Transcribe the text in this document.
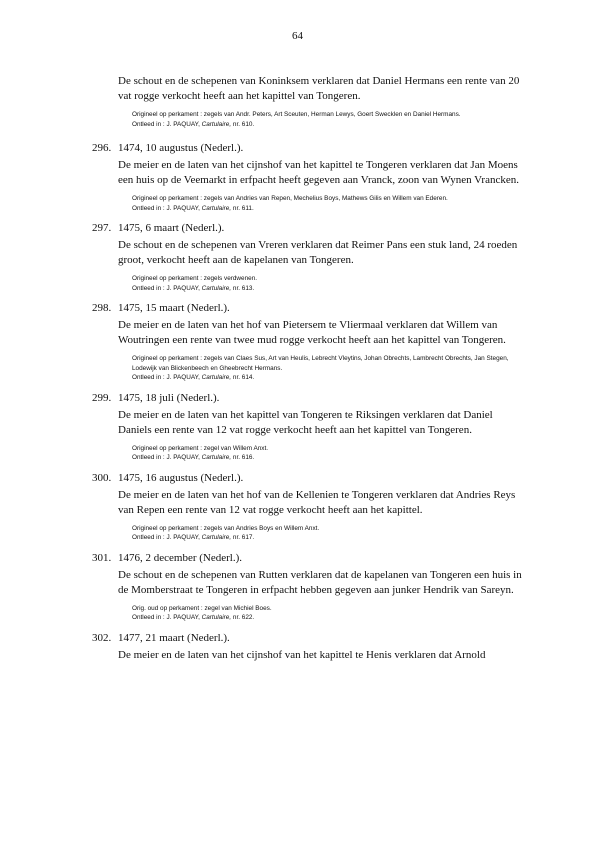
64
De schout en de schepenen van Koninksem verklaren dat Daniel Hermans een rente van 20 vat rogge verkocht heeft aan het kapittel van Tongeren.
Origineel op perkament : zegels van Andr. Peters, Art Sceuten, Herman Lewys, Goert Swecklen en Daniel Hermans.
Ontleed in : J. PAQUAY, Cartulaire, nr. 610.
296. 1474, 10 augustus (Nederl.).
De meier en de laten van het cijnshof van het kapittel te Tongeren verklaren dat Jan Moens een huis op de Veemarkt in erfpacht heeft gegeven aan Vranck, zoon van Wynen Vrancken.
Origineel op perkament : zegels van Andries van Repen, Mechelius Boys, Mathews Gilis en Willem van Ederen.
Ontleed in : J. PAQUAY, Cartulaire, nr. 611.
297. 1475, 6 maart (Nederl.).
De schout en de schepenen van Vreren verklaren dat Reimer Pans een stuk land, 24 roeden groot, verkocht heeft aan de kapelanen van Tongeren.
Origineel op perkament : zegels verdwenen.
Ontleed in : J. PAQUAY, Cartulaire, nr. 613.
298. 1475, 15 maart (Nederl.).
De meier en de laten van het hof van Pietersem te Vliermaal verklaren dat Willem van Woutringen een rente van twee mud rogge verkocht heeft aan het kapittel van Tongeren.
Origineel op perkament : zegels van Claes Sus, Art van Heulis, Lebrecht Vleytins, Johan Obrechts, Lambrecht Obrechts, Jan Stegen, Lodewijk van Blickenbeech en Gheebrecht Hermans.
Ontleed in : J. PAQUAY, Cartulaire, nr. 614.
299. 1475, 18 juli (Nederl.).
De meier en de laten van het kapittel van Tongeren te Riksingen verklaren dat Daniel Daniels een rente van 12 vat rogge verkocht heeft aan het kapittel van Tongeren.
Origineel op perkament : zegel van Willem Anxt.
Ontleed in : J. PAQUAY, Cartulaire, nr. 616.
300. 1475, 16 augustus (Nederl.).
De meier en de laten van het hof van de Kellenien te Tongeren verklaren dat Andries Reys van Repen een rente van 12 vat rogge verkocht heeft aan het kapittel.
Origineel op perkament : zegels van Andries Boys en Willem Anxt.
Ontleed in : J. PAQUAY, Cartulaire, nr. 617.
301. 1476, 2 december (Nederl.).
De schout en de schepenen van Rutten verklaren dat de kapelanen van Tongeren een huis in de Momberstraat te Tongeren in erfpacht hebben gegeven aan junker Hendrik van Sareyn.
Orig. oud op perkament : zegel van Michiel Boes.
Ontleed in : J. PAQUAY, Cartulaire, nr. 622.
302. 1477, 21 maart (Nederl.).
De meier en de laten van het cijnshof van het kapittel te Henis verklaren dat Arnold
